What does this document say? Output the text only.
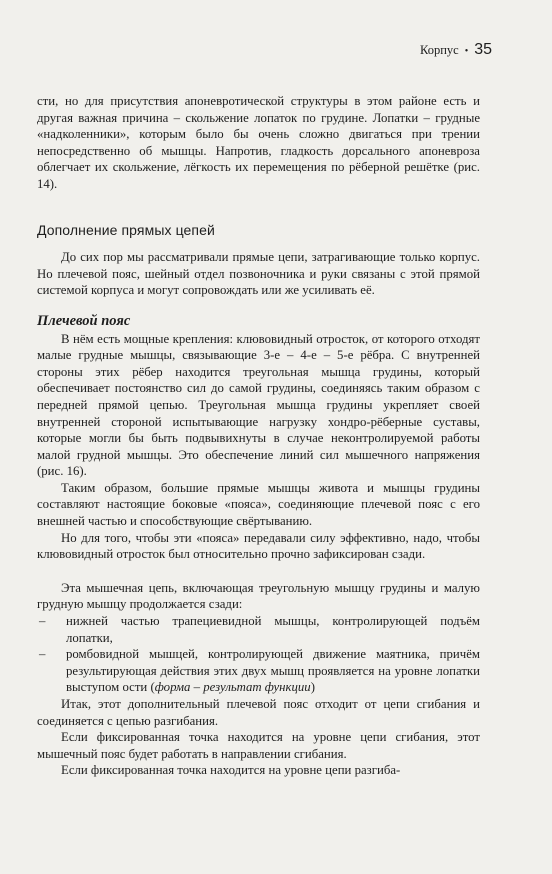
Корпус • 35

сти, но для присутствия апоневротической структуры в этом районе есть и другая важная причина – скольжение лопаток по грудине. Лопатки – грудные «надколенники», которым было бы очень сложно двигаться при трении непосредственно об мышцы. Напротив, гладкость дорсального апоневроза облегчает их скольжение, лёгкость их перемещения по рёберной решётке (рис. 14).

Дополнение прямых цепей

До сих пор мы рассматривали прямые цепи, затрагивающие только корпус. Но плечевой пояс, шейный отдел позвоночника и руки связаны с этой прямой системой корпуса и могут сопровождать или же усиливать её.

Плечевой пояс

В нём есть мощные крепления: клювовидный отросток, от которого отходят малые грудные мышцы, связывающие 3-е – 4-е – 5-е рёбра. С внутренней стороны этих рёбер находится треугольная мышца грудины, который обеспечивает постоянство сил до самой грудины, соединяясь таким образом с передней прямой цепью. Треугольная мышца грудины укрепляет своей внутренней стороной испытывающие нагрузку хондро-рёберные суставы, которые могли бы быть подвывихнуты в случае неконтролируемой работы малой грудной мышцы. Это обеспечение линий сил мышечного напряжения (рис. 16).

Таким образом, большие прямые мышцы живота и мышцы грудины составляют настоящие боковые «пояса», соединяющие плечевой пояс с его внешней частью и способствующие свёртыванию.

Но для того, чтобы эти «пояса» передавали силу эффективно, надо, чтобы клювовидный отросток был относительно прочно зафиксирован сзади.

Эта мышечная цепь, включающая треугольную мышцу грудины и малую грудную мышцу продолжается сзади:

– нижней частью трапециевидной мышцы, контролирующей подъём лопатки,
– ромбовидной мышцей, контролирующей движение маятника, причём результирующая действия этих двух мышц проявляется на уровне лопатки выступом ости (форма – результат функции)

Итак, этот дополнительный плечевой пояс отходит от цепи сгибания и соединяется с цепью разгибания.

Если фиксированная точка находится на уровне цепи сгибания, этот мышечный пояс будет работать в направлении сгибания.

Если фиксированная точка находится на уровне цепи разгиба-
